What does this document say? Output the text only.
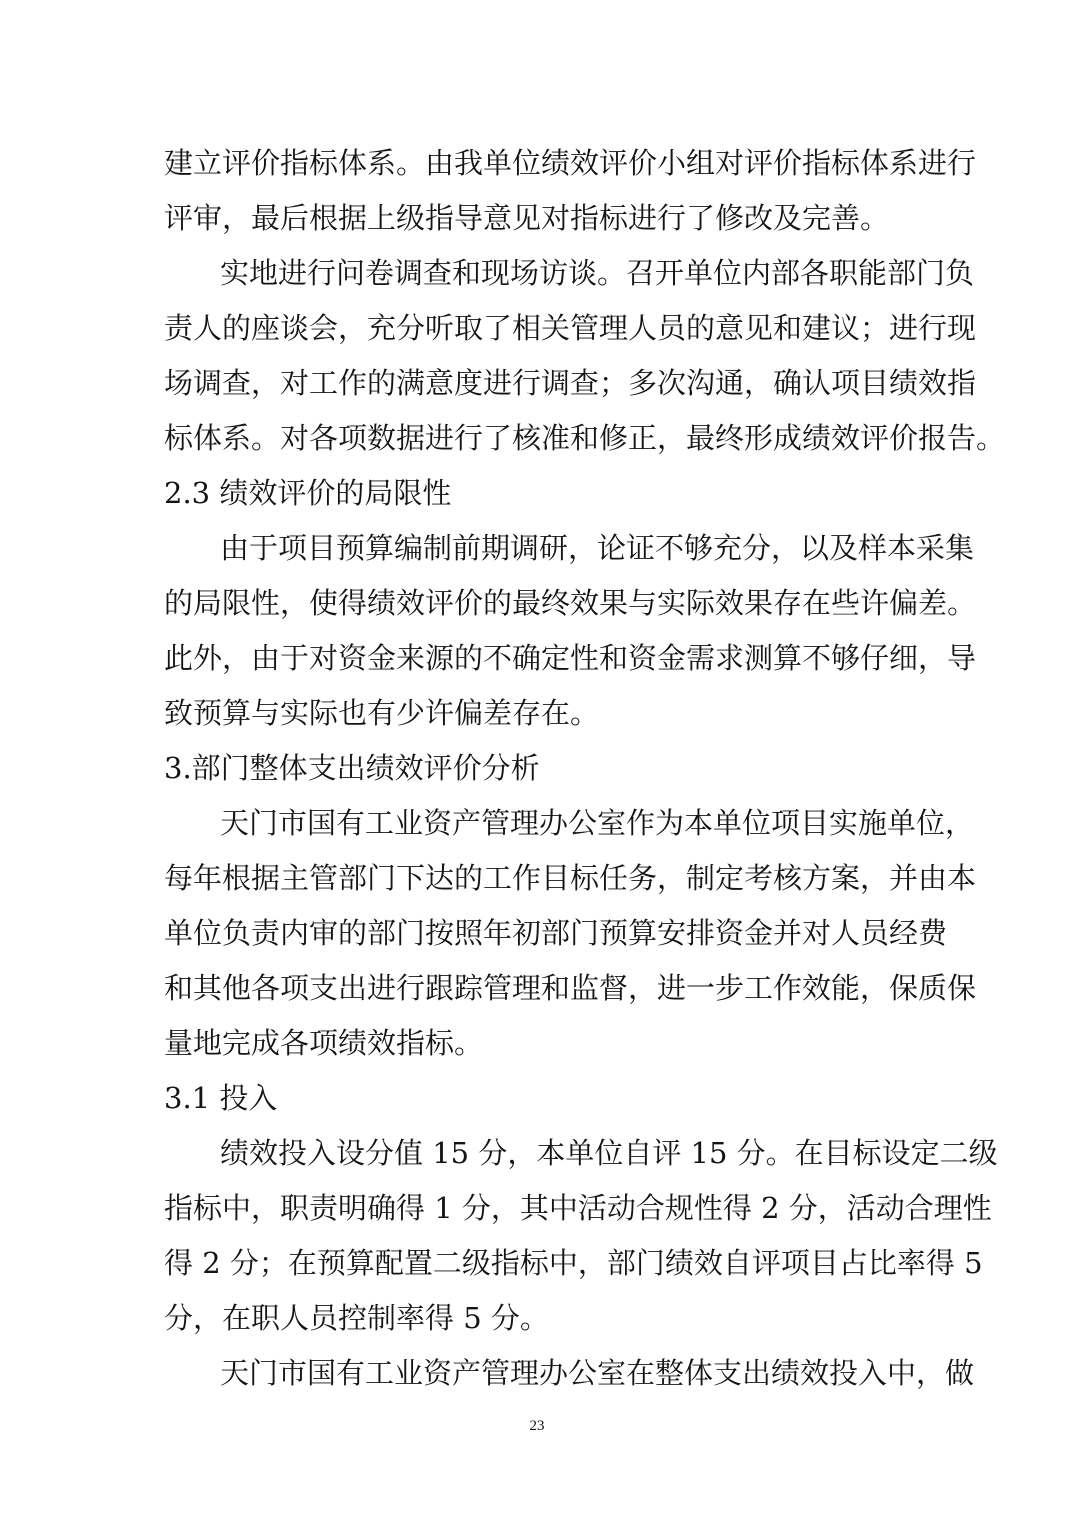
建立评价指标体系。由我单位绩效评价小组对评价指标体系进行
评审，最后根据上级指导意见对指标进行了修改及完善。
实地进行问卷调查和现场访谈。召开单位内部各职能部门负
责人的座谈会，充分听取了相关管理人员的意见和建议；进行现
场调查，对工作的满意度进行调查；多次沟通，确认项目绩效指
标体系。对各项数据进行了核准和修正，最终形成绩效评价报告。
2.3 绩效评价的局限性
由于项目预算编制前期调研，论证不够充分，以及样本采集
的局限性，使得绩效评价的最终效果与实际效果存在些许偏差。
此外，由于对资金来源的不确定性和资金需求测算不够仔细，导
致预算与实际也有少许偏差存在。
3.部门整体支出绩效评价分析
天门市国有工业资产管理办公室作为本单位项目实施单位，
每年根据主管部门下达的工作目标任务，制定考核方案，并由本
单位负责内审的部门按照年初部门预算安排资金并对人员经费
和其他各项支出进行跟踪管理和监督，进一步工作效能，保质保
量地完成各项绩效指标。
3.1 投入
绩效投入设分值 15 分，本单位自评 15 分。在目标设定二级
指标中，职责明确得 1 分，其中活动合规性得 2 分，活动合理性
得 2 分；在预算配置二级指标中，部门绩效自评项目占比率得 5
分，在职人员控制率得 5 分。
天门市国有工业资产管理办公室在整体支出绩效投入中，做
23
